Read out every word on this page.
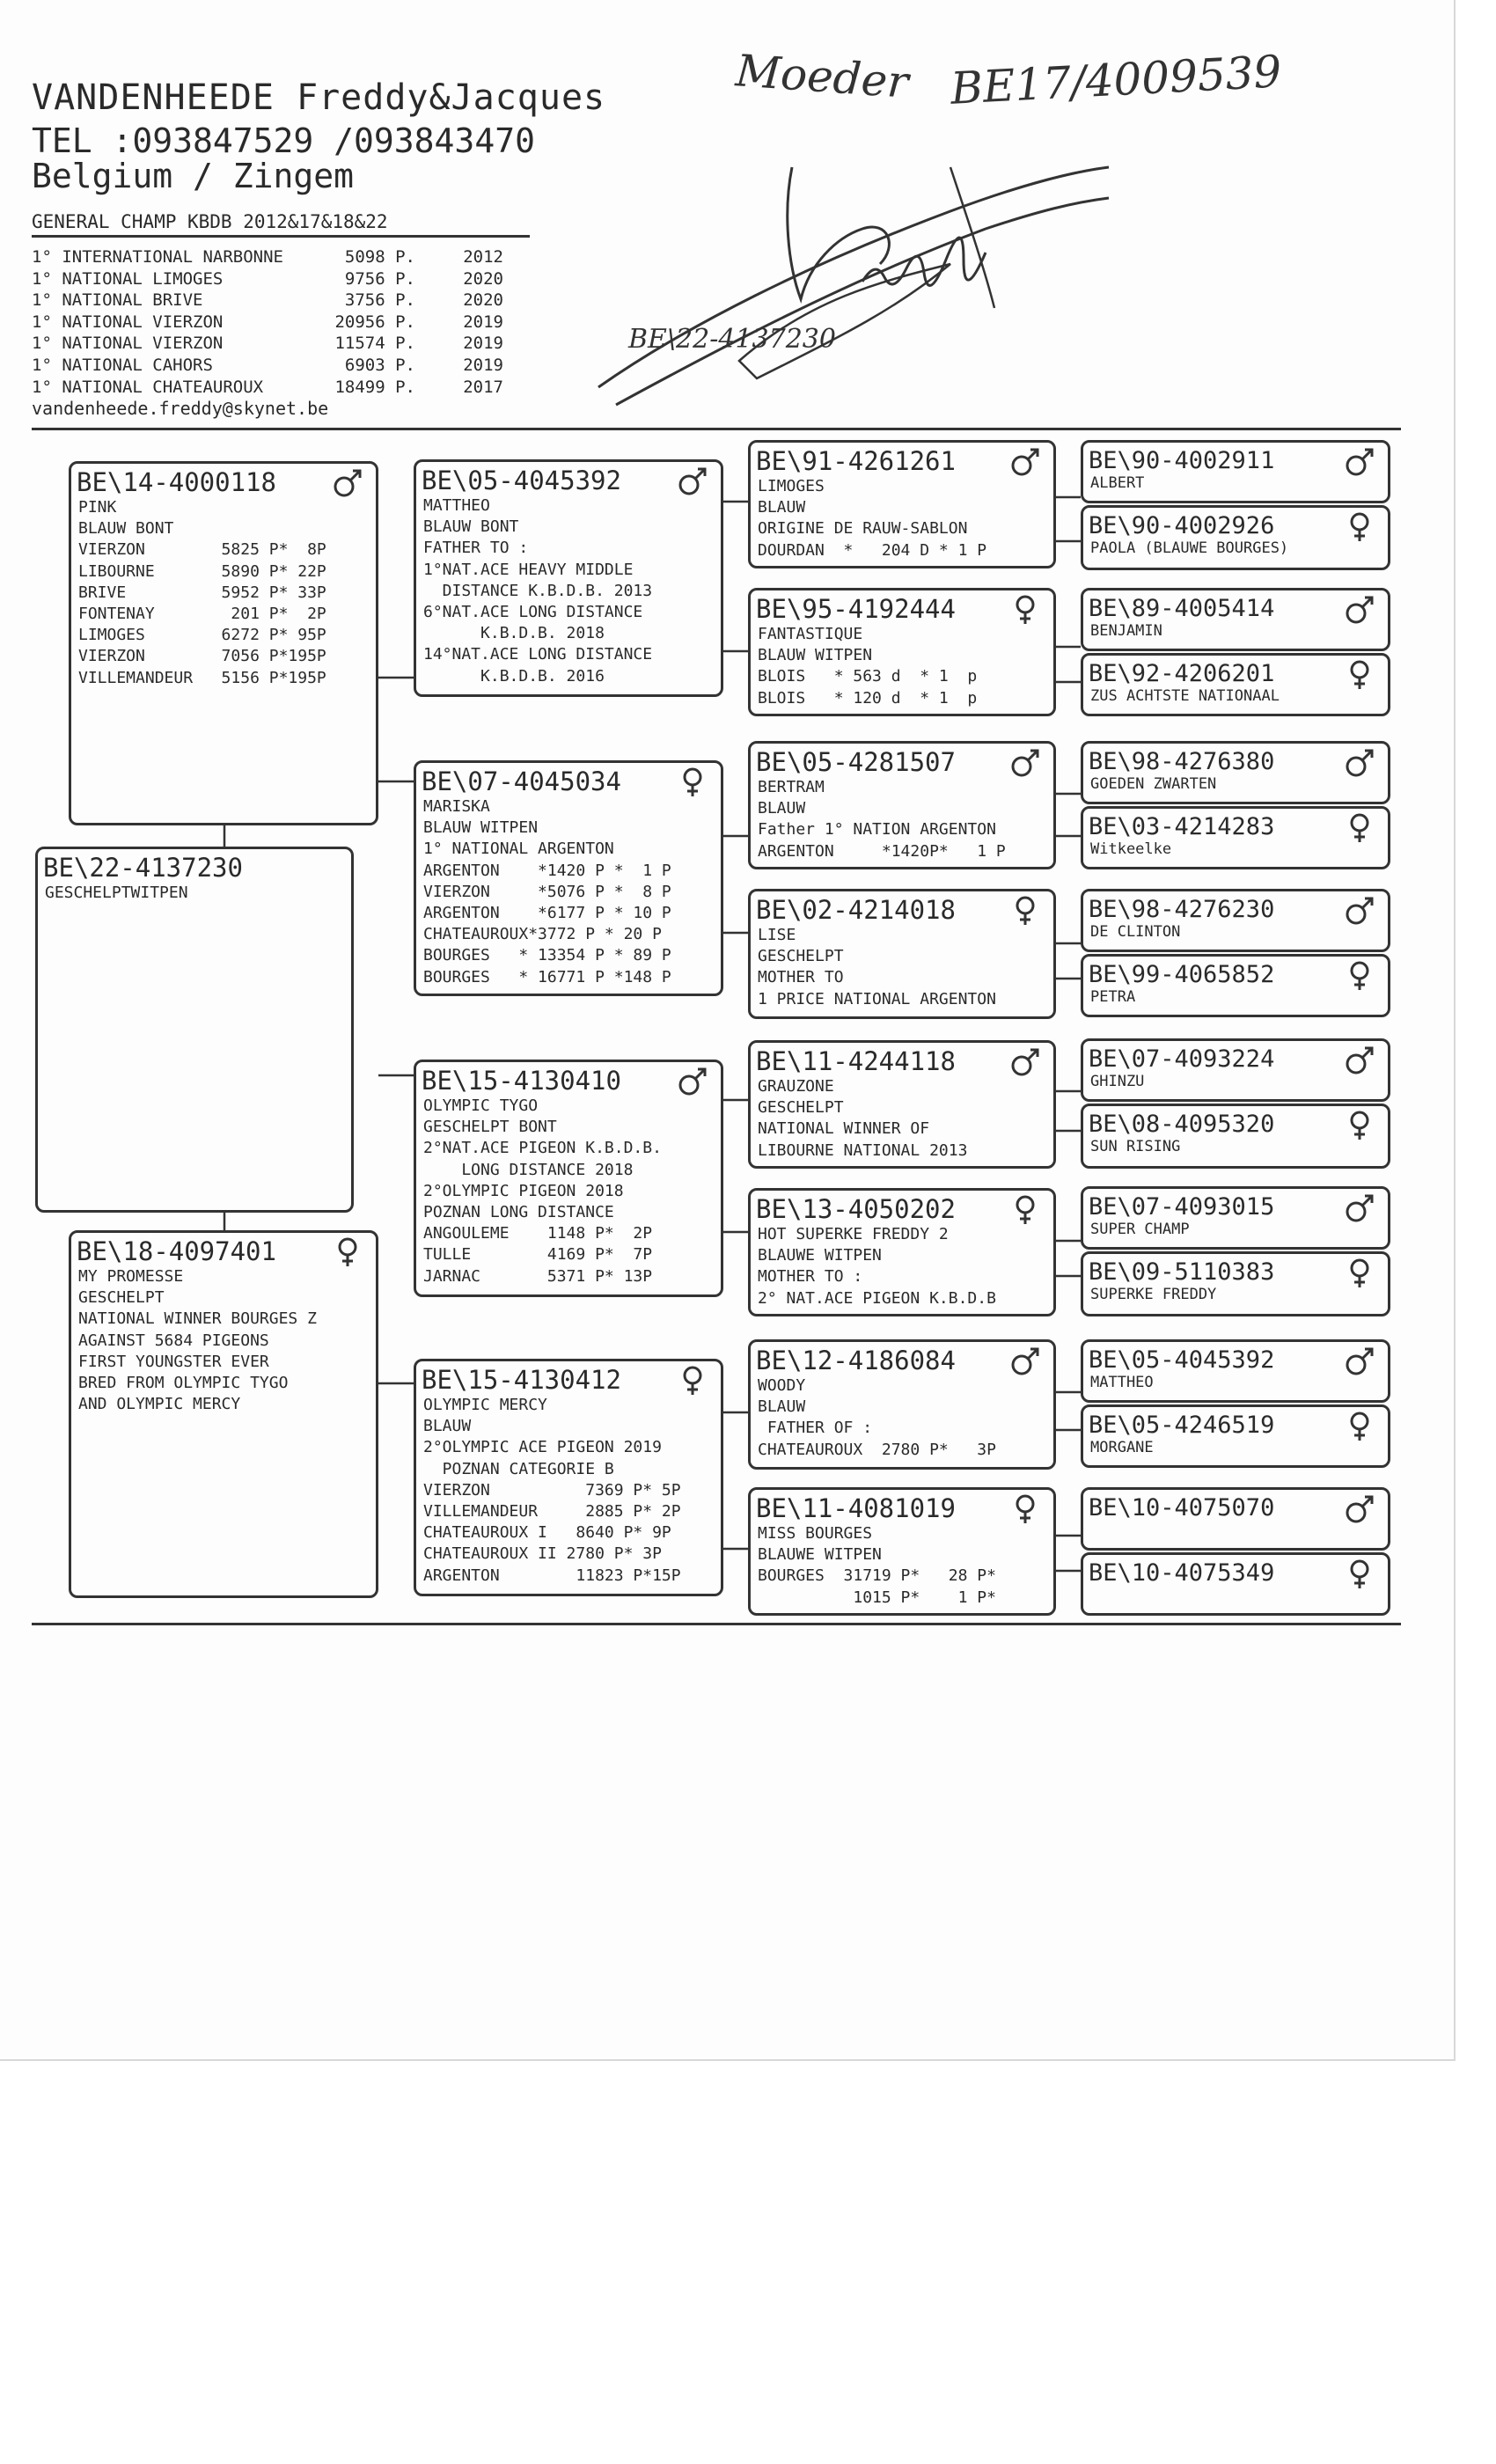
VANDENHEEDE Freddy&Jacques
TEL :093847529 /093843470
Belgium / Zingem
GENERAL CHAMP KBDB 2012&17&18&22
1° INTERNATIONAL NARBONNE	5098 P.	2012
1° NATIONAL LIMOGES	9756 P.	2020
1° NATIONAL BRIVE	3756 P.	2020
1° NATIONAL VIERZON	20956 P.	2019
1° NATIONAL VIERZON	11574 P.	2019
1° NATIONAL CAHORS	6903 P.	2019
1° NATIONAL CHATEAUROUX	18499 P.	2017
vandenheede.freddy@skynet.be
Moeder BE17/4009539
BE\22-4137230
BE\22-4137230
GESCHELPTWITPEN
BE\14-4000118
PINK
BLAUW BONT
VIERZON        5825 P*  8P
LIBOURNE       5890 P* 22P
BRIVE          5952 P* 33P
FONTENAY        201 P*  2P
LIMOGES        6272 P* 95P
VIERZON        7056 P*195P
VILLEMANDEUR   5156 P*195P
BE\18-4097401
MY PROMESSE
GESCHELPT
NATIONAL WINNER BOURGES Z
AGAINST 5684 PIGEONS
FIRST YOUNGSTER EVER
BRED FROM OLYMPIC TYGO
AND OLYMPIC MERCY
BE\05-4045392
MATTHEO
BLAUW BONT
FATHER TO :
1°NAT.ACE HEAVY MIDDLE
DISTANCE K.B.D.B. 2013
6°NAT.ACE LONG DISTANCE
K.B.D.B. 2018
14°NAT.ACE LONG DISTANCE
K.B.D.B. 2016
BE\07-4045034
MARISKA
BLAUW WITPEN
1° NATIONAL ARGENTON
ARGENTON    *1420 P *  1 P
VIERZON     *5076 P *  8 P
ARGENTON    *6177 P * 10 P
CHATEAUROUX*3772 P * 20 P
BOURGES   * 13354 P * 89 P
BOURGES   * 16771 P *148 P
BE\15-4130410
OLYMPIC TYGO
GESCHELPT BONT
2°NAT.ACE PIGEON K.B.D.B.
LONG DISTANCE 2018
2°OLYMPIC PIGEON 2018
POZNAN LONG DISTANCE
ANGOULEME    1148 P*  2P
TULLE        4169 P*  7P
JARNAC       5371 P* 13P
BE\15-4130412
OLYMPIC MERCY
BLAUW
2°OLYMPIC ACE PIGEON 2019
POZNAN CATEGORIE B
VIERZON          7369 P* 5P
VILLEMANDEUR     2885 P* 2P
CHATEAUROUX I   8640 P* 9P
CHATEAUROUX II 2780 P* 3P
ARGENTON        11823 P*15P
BE\91-4261261
LIMOGES
BLAUW
ORIGINE DE RAUW-SABLON
DOURDAN  *   204 D * 1 P
BE\95-4192444
FANTASTIQUE
BLAUW WITPEN
BLOIS   * 563 d  * 1  p
BLOIS   * 120 d  * 1  p
BE\05-4281507
BERTRAM
BLAUW
Father 1° NATION ARGENTON
ARGENTON     *1420P*   1 P
BE\02-4214018
LISE
GESCHELPT
MOTHER TO
1 PRICE NATIONAL ARGENTON
BE\11-4244118
GRAUZONE
GESCHELPT
NATIONAL WINNER OF
LIBOURNE NATIONAL 2013
BE\13-4050202
HOT SUPERKE FREDDY 2
BLAUWE WITPEN
MOTHER TO :
2° NAT.ACE PIGEON K.B.D.B
BE\12-4186084
WOODY
BLAUW
FATHER OF :
CHATEAUROUX  2780 P*   3P
BE\11-4081019
MISS BOURGES
BLAUWE WITPEN
BOURGES  31719 P*   28 P*
1015 P*    1 P*
BE\90-4002911
ALBERT
BE\90-4002926
PAOLA (BLAUWE BOURGES)
BE\89-4005414
BENJAMIN
BE\92-4206201
ZUS ACHTSTE NATIONAAL
BE\98-4276380
GOEDEN ZWARTEN
BE\03-4214283
Witkeelke
BE\98-4276230
DE CLINTON
BE\99-4065852
PETRA
BE\07-4093224
GHINZU
BE\08-4095320
SUN RISING
BE\07-4093015
SUPER CHAMP
BE\09-5110383
SUPERKE FREDDY
BE\05-4045392
MATTHEO
BE\05-4246519
MORGANE
BE\10-4075070
BE\10-4075349
